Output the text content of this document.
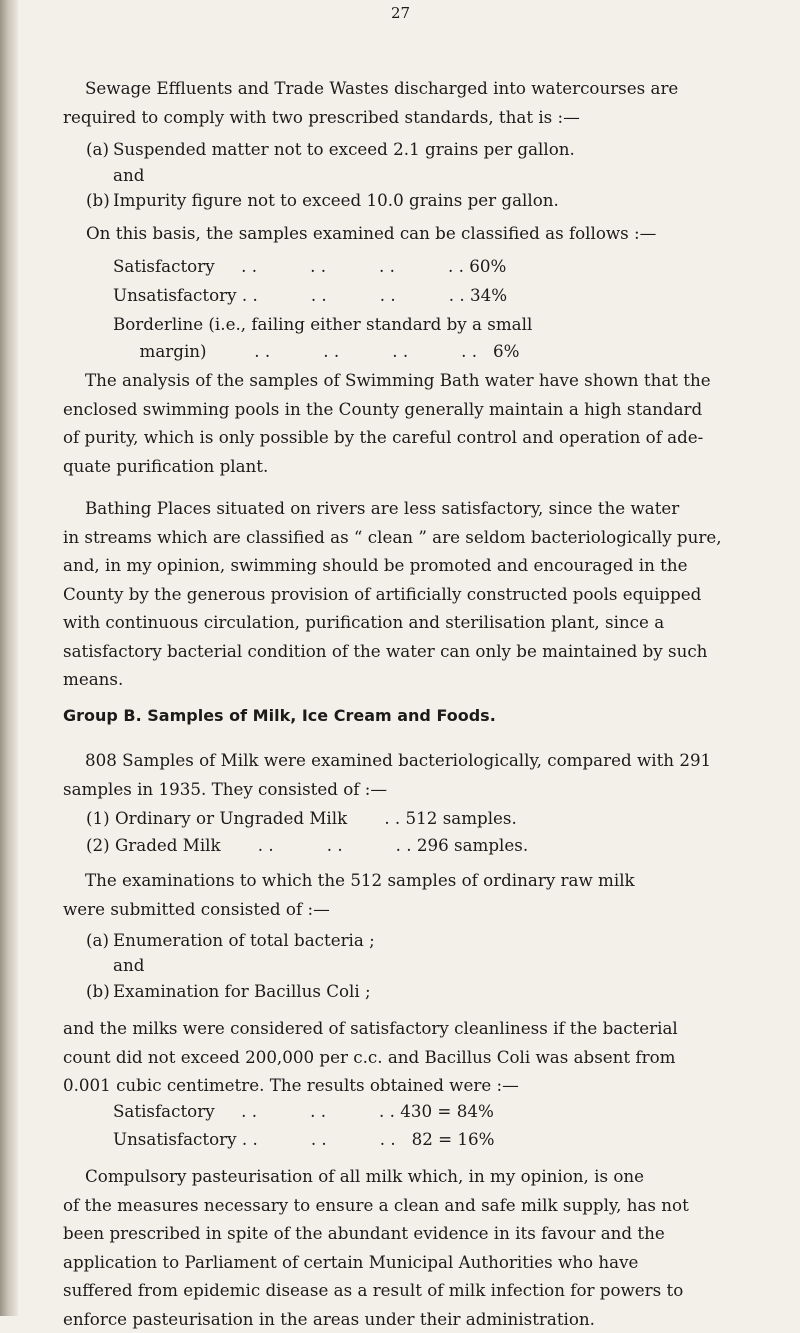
27
Sewage Effluents and Trade Wastes discharged into watercourses are
required to comply with two prescribed standards, that is :—
(a) Suspended matter not to exceed 2.1 grains per gallon.
and
(b) Impurity figure not to exceed 10.0 grains per gallon.
On this basis, the samples examined can be classified as follows :—
Satisfactory     . .          . .          . .          . . 60%
Unsatisfactory . .          . .          . .          . . 34%
Borderline (i.e., failing either standard by a small
margin)         . .          . .          . .          . .   6%
The analysis of the samples of Swimming Bath water have shown that the
enclosed swimming pools in the County generally maintain a high standard
of purity, which is only possible by the careful control and operation of ade-
quate purification plant.
Bathing Places situated on rivers are less satisfactory, since the water
in streams which are classified as “ clean ” are seldom bacteriologically pure,
and, in my opinion, swimming should be promoted and encouraged in the
County by the generous provision of artificially constructed pools equipped
with continuous circulation, purification and sterilisation plant, since a
satisfactory bacterial condition of the water can only be maintained by such
means.
Group B. Samples of Milk, Ice Cream and Foods.
808 Samples of Milk were examined bacteriologically, compared with 291
samples in 1935. They consisted of :—
(1) Ordinary or Ungraded Milk       . . 512 samples.
(2) Graded Milk       . .          . .          . . 296 samples.
The examinations to which the 512 samples of ordinary raw milk
were submitted consisted of :—
(a) Enumeration of total bacteria ;
and
(b) Examination for Bacillus Coli ;
and the milks were considered of satisfactory cleanliness if the bacterial
count did not exceed 200,000 per c.c. and Bacillus Coli was absent from
0.001 cubic centimetre. The results obtained were :—
Satisfactory     . .          . .          . . 430 = 84%
Unsatisfactory . .          . .          . .   82 = 16%
Compulsory pasteurisation of all milk which, in my opinion, is one
of the measures necessary to ensure a clean and safe milk supply, has not
been prescribed in spite of the abundant evidence in its favour and the
application to Parliament of certain Municipal Authorities who have
suffered from epidemic disease as a result of milk infection for powers to
enforce pasteurisation in the areas under their administration.
